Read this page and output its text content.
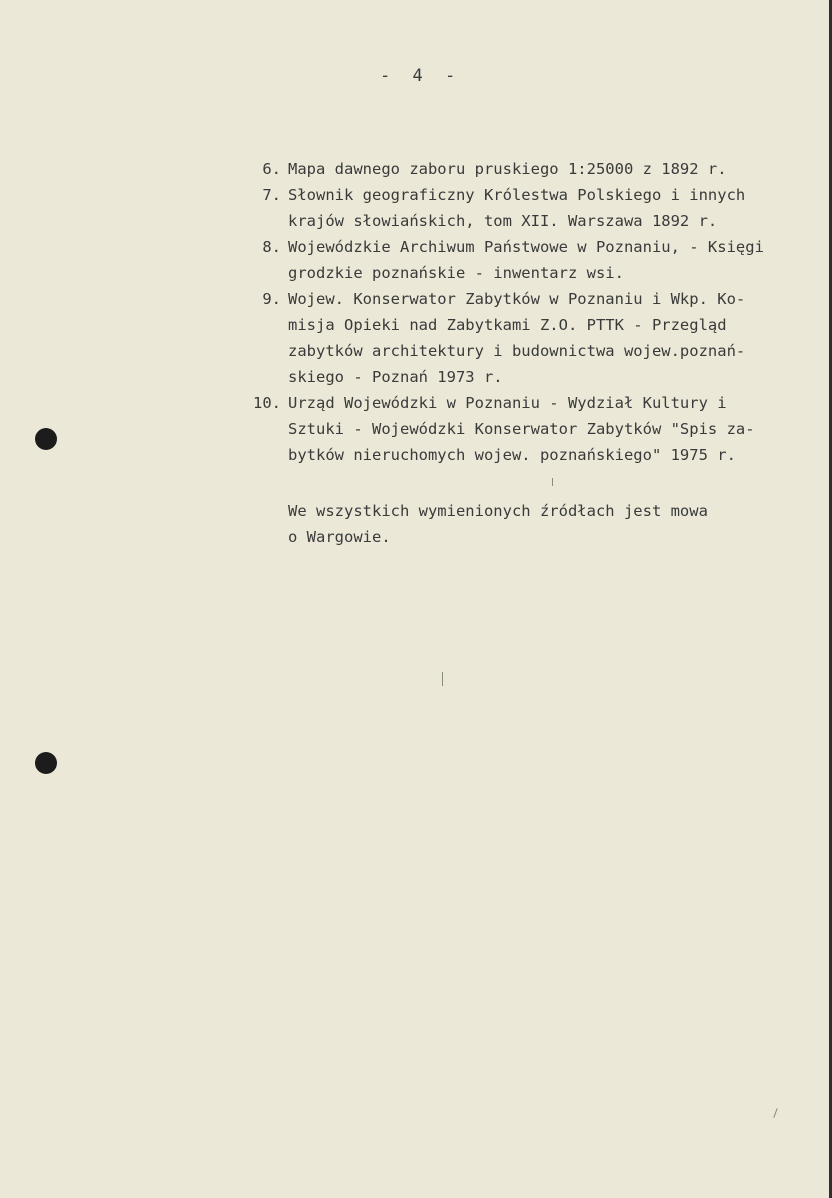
- 4 -
6. Mapa dawnego zaboru pruskiego 1:25000 z 1892 r.
7. Słownik geograficzny Królestwa Polskiego i innych
krajów słowiańskich, tom XII. Warszawa 1892 r.
8. Wojewódzkie Archiwum Państwowe w Poznaniu, - Księgi
grodzkie poznańskie - inwentarz wsi.
9. Wojew. Konserwator Zabytków w Poznaniu i Wkp. Ko-
misja Opieki nad Zabytkami Z.O. PTTK - Przegląd
zabytków architektury i budownictwa wojew.poznań-
skiego - Poznań 1973 r.
10. Urząd Wojewódzki w Poznaniu - Wydział Kultury i
Sztuki - Wojewódzki Konserwator Zabytków "Spis za-
bytków nieruchomych wojew. poznańskiego" 1975 r.
We wszystkich wymienionych źródłach jest mowa
o Wargowie.
